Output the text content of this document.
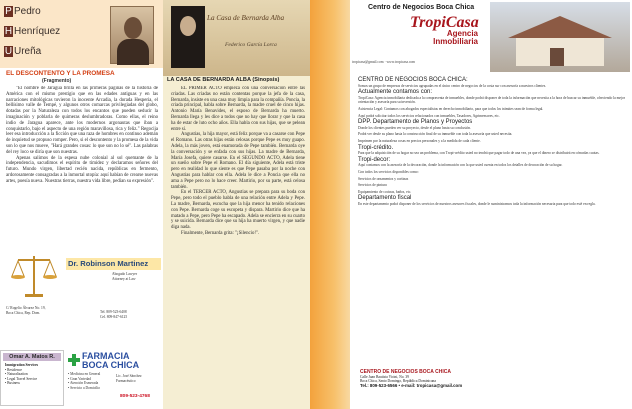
P Pedro
H Henríquez
U Ureña
EL DESCONTENTO Y LA PROMESA
(Fragmento)

"El nombre de Jaragua brilla en las primeras páginas de la historia de América con el mismo prestigio que en las edades antiguas y en las narraciones mitológicas tuvieron la inocente Arcadia, la dorada Hesperia, el bellísimo valle de Tempé, y algunos otros comarcas privilegiadas del globo, dotadas por la Naturaleza con todos los encantos que pueden seducir la imaginación y poblarla de quimeras deslumbradoras. Como ellas, el reino indio de Jaragua aparece, ante los modernos argonautas que iban a conquistarlo, bajo el aspecto de una región maravillosa, rica y feliz." Regocija leer esa introducción a la ficción que una raza de hombres en continuo ademán de inquietud se propuso romper. Pero, si el descontento y la promesa de la vida son lo que nos mueve, "Hará grandes cosas: lo que son no lo sé". Las palabras del rey loco se diría que son nuestras.

Apenas salimos de la espesa nube colonial al sol quemante de la independencia, sacudimos el espíritu de timidez y declaramos señores del futuro. Mundo virgen, libertad recién nacida, repúblicas en fermento, ardorosamente consagradas a la inmortal utopía: aquí habían de crearse nuevas artes, poesía nueva. Nuestras tierras, nuestra vida libre, pedían su expresión".

Dr. Robinson Martinez
Abogado Lawyer
Attorney at Law
C/ Rogelio Álvarez No. 19,
Boca Chica, Rep. Dom.	Tel. 809-523-6408
Cel. 809-847-6125
Omar A. Matos R.
Immigration Services
• Residence
• Naturalization
• Legal Travel Service
• Business
FARMACIA
BOCA CHICA
• Medicina en General
• Gran Variedad
• Atención Esmerada
• Servicio a Domicilio
Lic. José Sánchez
Farmacéutico
809-523-4768
La Casa de Bernarda Alba
Federico García Lorca
LA CASA DE BERNARDA ALBA (Sinopsis)

EL PRIMER ACTO empieza con una conversación entre las criadas. Las criadas no están contentas porque la jefa de la casa, Bernarda, insiste en una casa muy limpia para la compañía. Poncia, la criada principal, habla sobre Bernarda, la madre cruel de cinco hijas. Antonio María Benavides, el esposo de Bernarda ha muerto. Bernarda llega y les dice a todos que no hay que llorar y que la casa ha de estar de luto ocho años. Ella habla con sus hijas, que se pelean entre sí.

Angustias, la hija mayor, está feliz porque va a casarse con Pepe el Romano. Las otras hijas están celosas porque Pepe es muy guapo. Adela, la más joven, está enamorada de Pepe también. Bernarda oye la conversación y se enfada con sus hijas. La madre de Bernarda, María Josefa, quiere casarse. En el SEGUNDO ACTO, Adela tiene un sueño sobre Pepe el Romano. El día siguiente, Adela está triste pero en realidad lo que siente es que Pepe pasaba por la noche con Angustias para hablar con ella. Adela le dice a Poncia que ella no ama a Pepe pero no lo hace creer. Martirio, por su parte, está celosa también.

En el TERCER ACTO, Angustias se prepara para su boda con Pepe, pero todo el pueblo habla de una relación entre Adela y Pepe. La madre, Bernarda, escucha que la hija menor ha tenido relaciones con Pepe. Bernarda coge su escopeta y dispara. Martirio dice que ha matado a Pepe, pero Pepe ha escapado. Adela se encierra en su cuarto y se suicida. Bernarda dice que su hija ha muerto virgen, y que nadie diga nada.

Finalmente, Bernarda grita: "¡Silencio!".

Centro de Negocios Boca Chica
TropiCasa
Agencia
Inmobiliaria
tropicasa@gmail.com · www.tropicasa.com
CENTRO DE NEGOCIOS BOCA CHICA:

Somos un grupo de empresas de servicios agrupadas en el único centro de negocios de la costa sur con asesoría a nuestros clientes.

Actualmente contamos con:

TropiCasa: Agencia inmobiliaria dedicada a la compraventa de inmuebles, donde podrá disponer de toda la información que necesita a la hora de buscar su inmueble, ofreciendo la mejor orientación y asesoría para su inversión.

Asistencia Legal: Contamos con abogados especialistas en derecho inmobiliario, para que todos los trámites sean de forma legal.

Aquí podrá solicitar todos los servicios relacionados con inmuebles, Tasadores, Agrimensores, etc.

DPP. Departamento de Planos y Proyectos

Donde los clientes pueden ver su proyecto, desde el plano hasta su conclusión.

Podrá ver desde su plano hasta la construcción final de su inmueble con toda la asesoría que usted necesita.

Imprimen por la naturaleza cosas en precios personales y a la medida de cada cliente.

Tropi-crédito.

Para que la adquisición de su hogar no sea un problema, con Tropi-crédito usted no tendrá que pagar todo de una vez, ya que el dinero se distribuirá en cómodas cuotas.

Tropi-decor:

Aquí contamos con la asesoría de la decoración, donde la información con la que usted cuenta en todos los detalles de decoración de su hogar.

Con todos los servicios disponibles como:

Servicios de ornamentos y cortinas

Servicios de pintura

Equipamiento de cocinas, baños, etc.

Departamento fiscal

En este departamento podrá disponer de los servicios de nuestros asesores fiscales, donde le suministramos toda la información necesaria para que todo esté en regla.

CENTRO DE NEGOCIOS BOCA CHICA
Calle Juan Bautista Vicini, No. 39
Boca Chica, Santo Domingo, República Dominicana
Tel.: 809-523-6566 • e-mail: tropicasa@gmail.com
